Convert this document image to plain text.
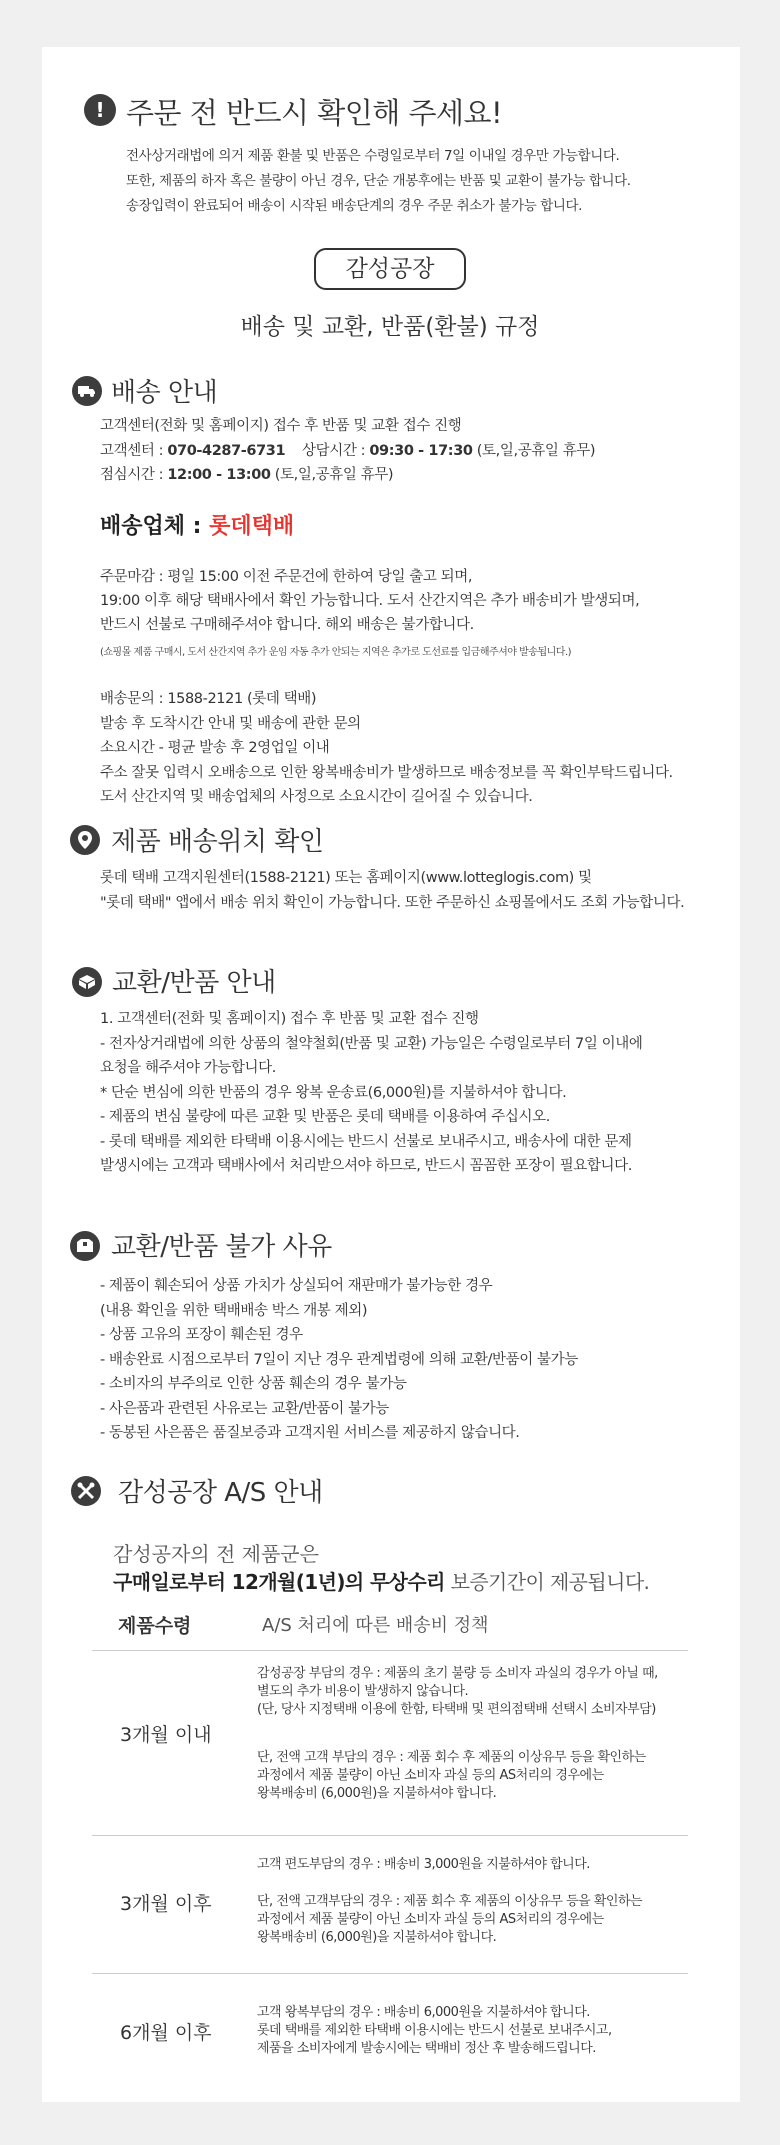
! 주문 전 반드시 확인해 주세요!
전사상거래법에 의거 제품 환불 및 반품은 수령일로부터 7일 이내일 경우만 가능합니다.
또한, 제품의 하자 혹은 불량이 아닌 경우, 단순 개봉후에는 반품 및 교환이 불가능 합니다.
송장입력이 완료되어 배송이 시작된 배송단계의 경우 주문 취소가 불가능 합니다.
감성공장
배송 및 교환, 반품(환불) 규정
배송 안내
고객센터(전화 및 홈페이지) 접수 후 반품 및 교환 접수 진행
고객센터 : 070-4287-6731 상담시간 : 09:30 - 17:30 (토,일,공휴일 휴무)
점심시간 : 12:00 - 13:00 (토,일,공휴일 휴무)
배송업체 : 롯데택배
주문마감 : 평일 15:00 이전 주문건에 한하여 당일 출고 되며,
19:00 이후 해당 택배사에서 확인 가능합니다. 도서 산간지역은 추가 배송비가 발생되며,
반드시 선불로 구매해주셔야 합니다. 해외 배송은 불가합니다.
(쇼핑몰 제품 구매시, 도서 산간지역 추가 운임 자동 추가 안되는 지역은 추가로 도선료를 입금해주셔야 발송됩니다.)
배송문의 : 1588-2121 (롯데 택배)
발송 후 도착시간 안내 및 배송에 관한 문의
소요시간 - 평균 발송 후 2영업일 이내
주소 잘못 입력시 오배송으로 인한 왕복배송비가 발생하므로 배송정보를 꼭 확인부탁드립니다.
도서 산간지역 및 배송업체의 사정으로 소요시간이 길어질 수 있습니다.
제품 배송위치 확인
롯데 택배 고객지원센터(1588-2121) 또는 홈페이지(www.lotteglogis.com) 및
"롯데 택배" 앱에서 배송 위치 확인이 가능합니다. 또한 주문하신 쇼핑몰에서도 조회 가능합니다.
교환/반품 안내
1. 고객센터(전화 및 홈페이지) 접수 후 반품 및 교환 접수 진행
- 전자상거래법에 의한 상품의 철약철회(반품 및 교환) 가능일은 수령일로부터 7일 이내에
요청을 해주셔야 가능합니다.
* 단순 변심에 의한 반품의 경우 왕복 운송료(6,000원)를 지불하셔야 합니다.
- 제품의 변심 불량에 따른 교환 및 반품은 롯데 택배를 이용하여 주십시오.
- 롯데 택배를 제외한 타택배 이용시에는 반드시 선불로 보내주시고, 배송사에 대한 문제
발생시에는 고객과 택배사에서 처리받으셔야 하므로, 반드시 꼼꼼한 포장이 필요합니다.
교환/반품 불가 사유
- 제품이 훼손되어 상품 가치가 상실되어 재판매가 불가능한 경우
(내용 확인을 위한 택배배송 박스 개봉 제외)
- 상품 고유의 포장이 훼손된 경우
- 배송완료 시점으로부터 7일이 지난 경우 관계법령에 의해 교환/반품이 불가능
- 소비자의 부주의로 인한 상품 훼손의 경우 불가능
- 사은품과 관련된 사유로는 교환/반품이 불가능
- 동봉된 사은품은 품질보증과 고객지원 서비스를 제공하지 않습니다.
감성공장 A/S 안내
감성공자의 전 제품군은
구매일로부터 12개월(1년)의 무상수리 보증기간이 제공됩니다.
제품수령	A/S 처리에 따른 배송비 정책
3개월 이내
감성공장 부담의 경우 : 제품의 초기 불량 등 소비자 과실의 경우가 아닐 때,
별도의 추가 비용이 발생하지 않습니다.
(단, 당사 지정택배 이용에 한함, 타택배 및 편의점택배 선택시 소비자부담)
단, 전액 고객 부담의 경우 : 제품 회수 후 제품의 이상유무 등을 확인하는
과정에서 제품 불량이 아닌 소비자 과실 등의 AS처리의 경우에는
왕복배송비 (6,000원)을 지불하셔야 합니다.
3개월 이후
고객 편도부담의 경우 : 배송비 3,000원을 지불하셔야 합니다.
단, 전액 고객부담의 경우 : 제품 회수 후 제품의 이상유무 등을 확인하는
과정에서 제품 불량이 아닌 소비자 과실 등의 AS처리의 경우에는
왕복배송비 (6,000원)을 지불하셔야 합니다.
6개월 이후
고객 왕복부담의 경우 : 배송비 6,000원을 지불하셔야 합니다.
롯데 택배를 제외한 타택배 이용시에는 반드시 선불로 보내주시고,
제품을 소비자에게 발송시에는 택배비 정산 후 발송해드립니다.
